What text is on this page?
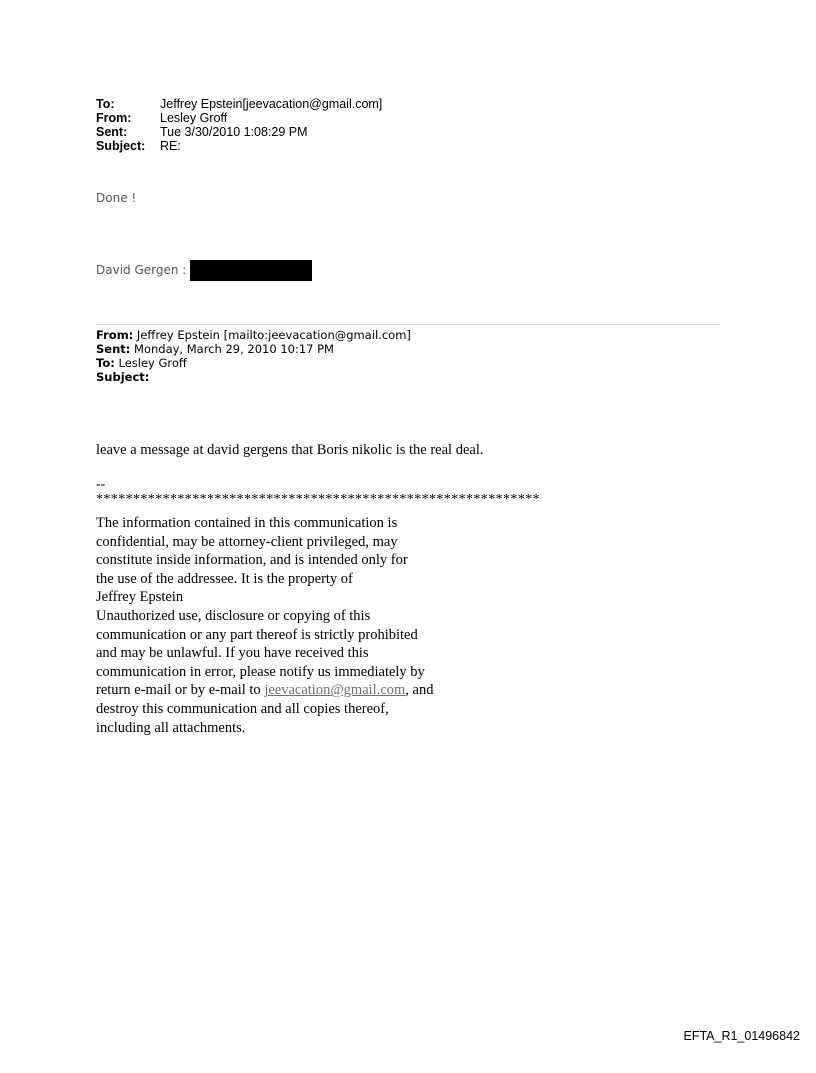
To:	Jeffrey Epstein[jeevacation@gmail.com]
From:	Lesley Groff
Sent:	Tue 3/30/2010 1:08:29 PM
Subject:	RE:
Done !
David Gergen :
From: Jeffrey Epstein [mailto:jeevacation@gmail.com]
Sent: Monday, March 29, 2010 10:17 PM
To: Lesley Groff
Subject:
leave a message at david gergens that Boris nikolic is the real deal.
--
************************************************************
The information contained in this communication is
confidential, may be attorney-client privileged, may
constitute inside information, and is intended only for
the use of the addressee. It is the property of
Jeffrey Epstein
Unauthorized use, disclosure or copying of this
communication or any part thereof is strictly prohibited
and may be unlawful. If you have received this
communication in error, please notify us immediately by
return e-mail or by e-mail to jeevacation@gmail.com, and
destroy this communication and all copies thereof,
including all attachments.
EFTA_R1_01496842
